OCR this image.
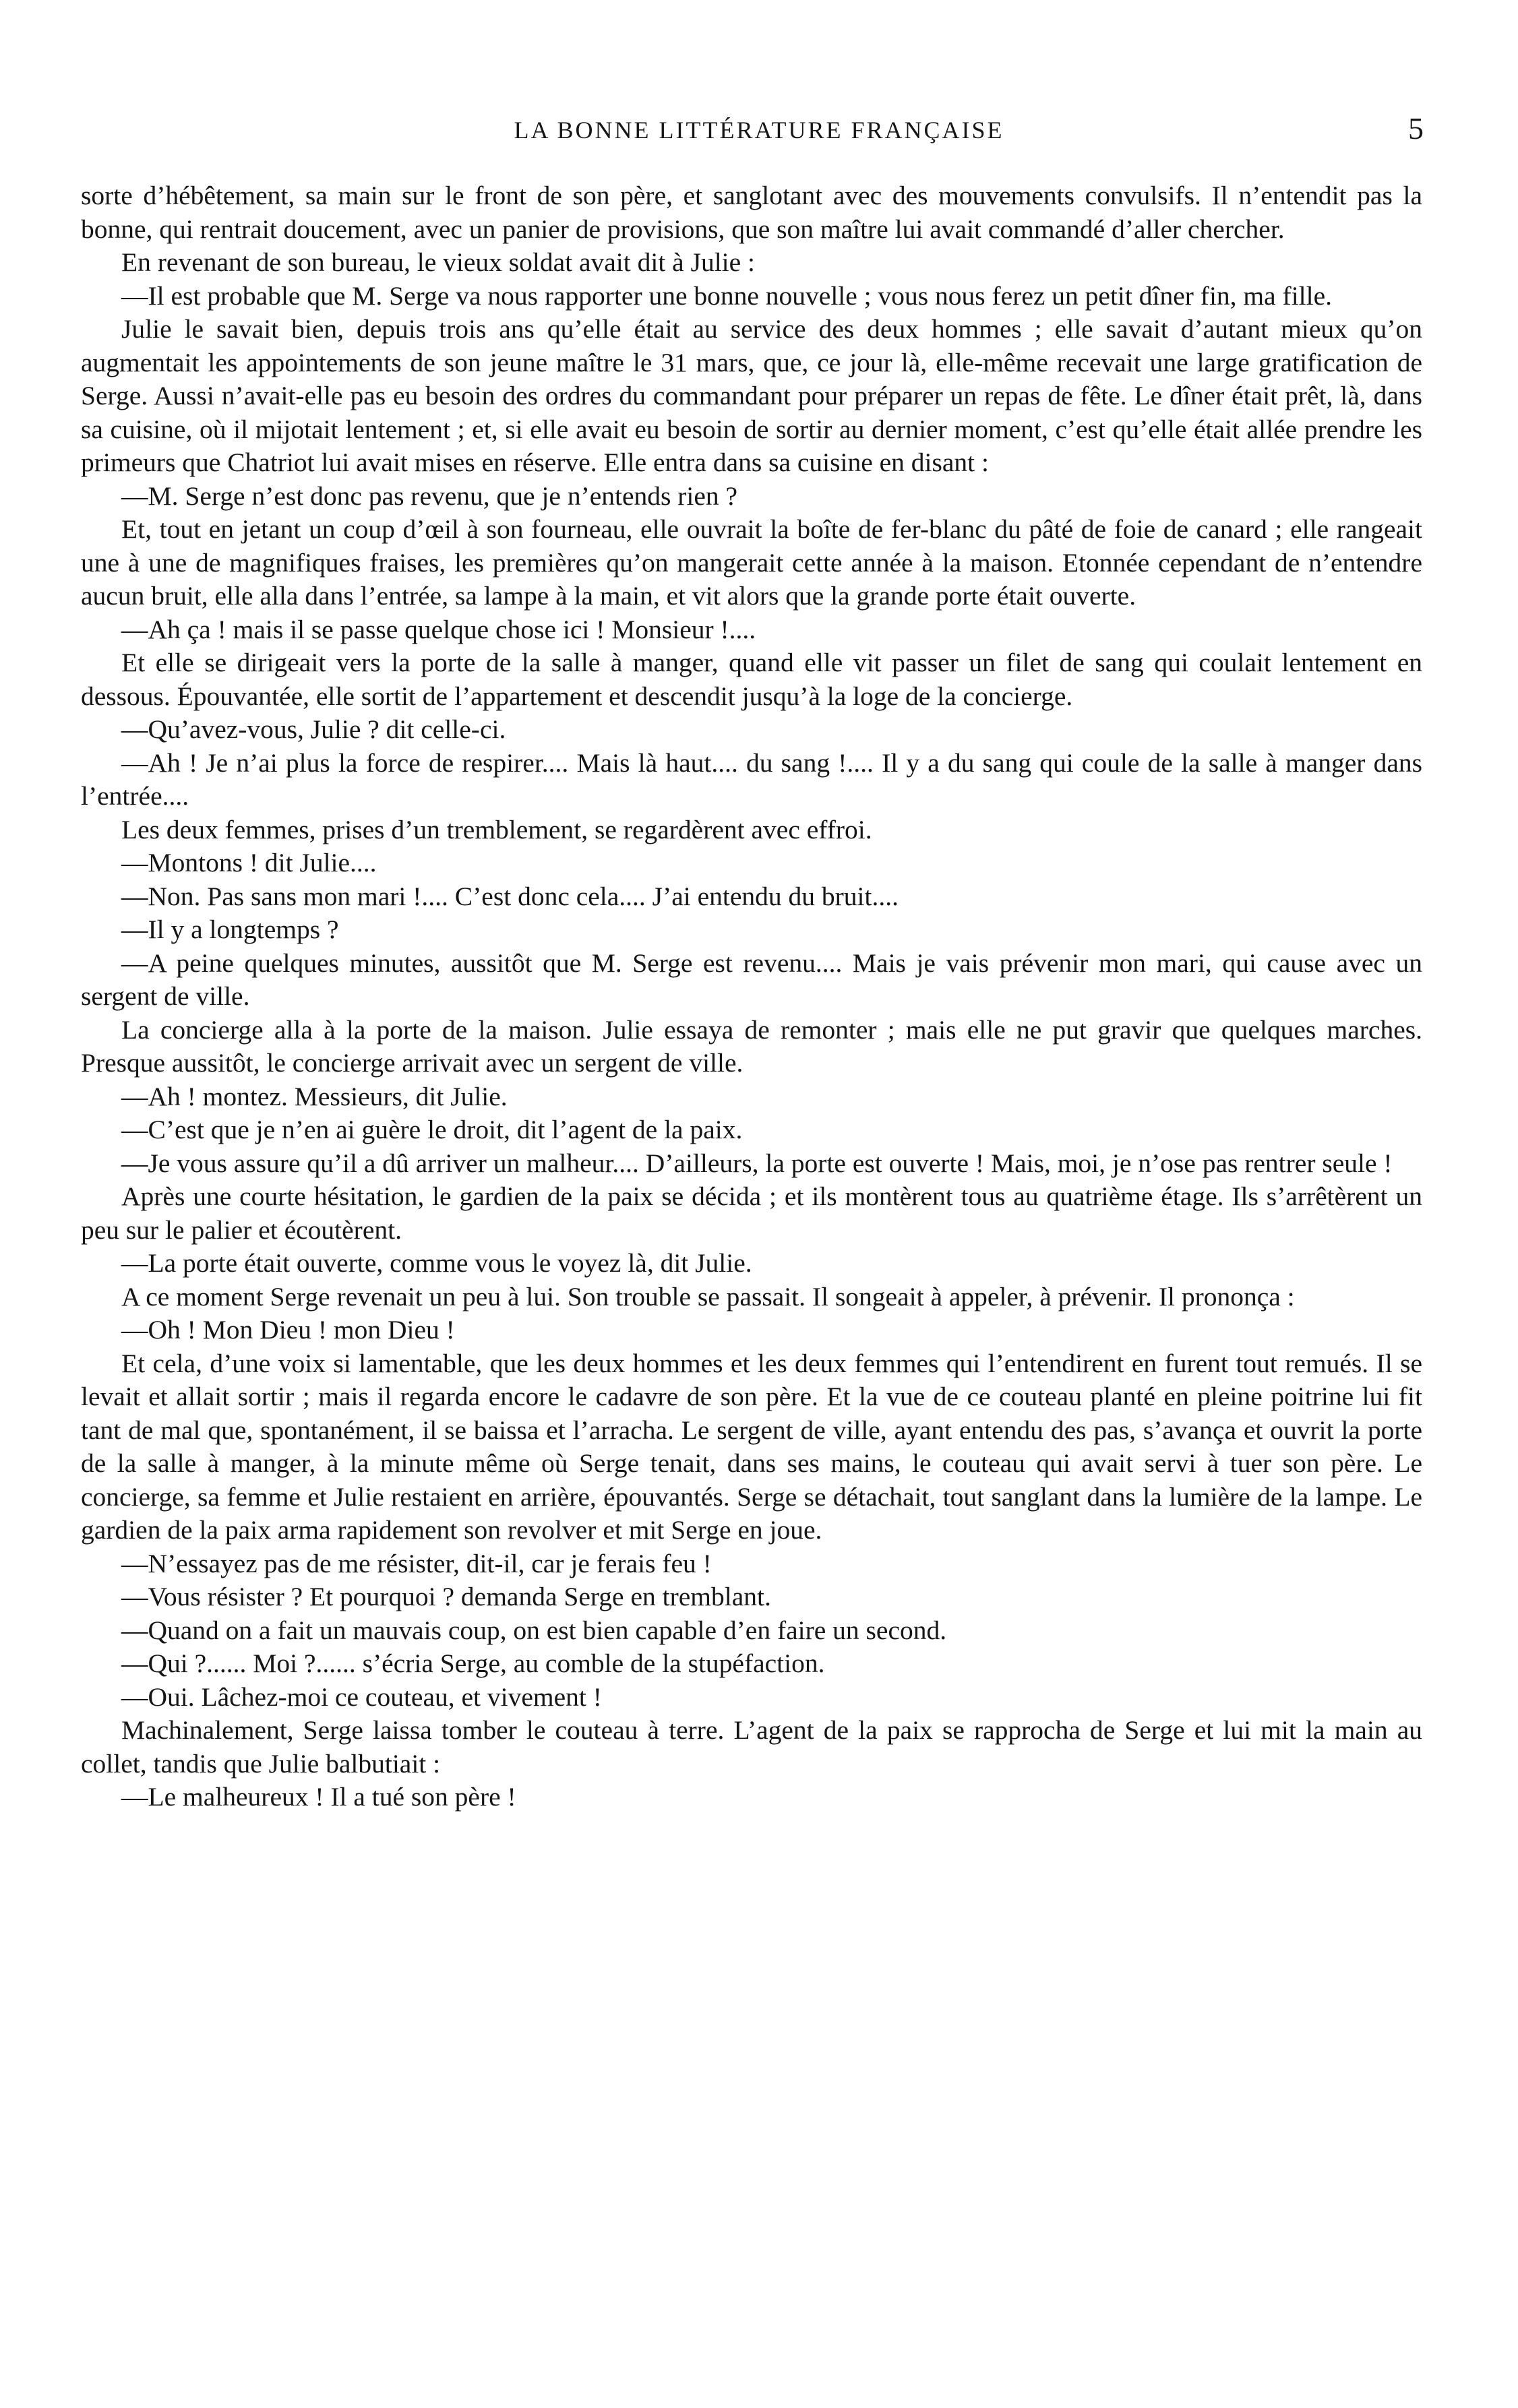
LA BONNE LITTÉRATURE FRANÇAISE	5

sorte d’hébêtement, sa main sur le front de son père, et sanglotant avec des mouvements convulsifs. Il n’entendit pas la bonne, qui rentrait doucement, avec un panier de provisions, que son maître lui avait commandé d’aller chercher.

En revenant de son bureau, le vieux soldat avait dit à Julie :

—Il est probable que M. Serge va nous rapporter une bonne nouvelle ; vous nous ferez un petit dîner fin, ma fille.

Julie le savait bien, depuis trois ans qu’elle était au service des deux hommes ; elle savait d’autant mieux qu’on augmentait les appointements de son jeune maître le 31 mars, que, ce jour là, elle-même recevait une large gratification de Serge. Aussi n’avait-elle pas eu besoin des ordres du commandant pour préparer un repas de fête. Le dîner était prêt, là, dans sa cuisine, où il mijotait lentement ; et, si elle avait eu besoin de sortir au dernier moment, c’est qu’elle était allée prendre les primeurs que Chatriot lui avait mises en réserve. Elle entra dans sa cuisine en disant :

—M. Serge n’est donc pas revenu, que je n’entends rien ?

Et, tout en jetant un coup d’œil à son fourneau, elle ouvrait la boîte de fer-blanc du pâté de foie de canard ; elle rangeait une à une de magnifiques fraises, les premières qu’on mangerait cette année à la maison. Etonnée cependant de n’entendre aucun bruit, elle alla dans l’entrée, sa lampe à la main, et vit alors que la grande porte était ouverte.

—Ah ça ! mais il se passe quelque chose ici ! Monsieur !....

Et elle se dirigeait vers la porte de la salle à manger, quand elle vit passer un filet de sang qui coulait lentement en dessous. Épouvantée, elle sortit de l’appartement et descendit jusqu’à la loge de la concierge.

—Qu’avez-vous, Julie ? dit celle-ci.

—Ah ! Je n’ai plus la force de respirer.... Mais là haut.... du sang !.... Il y a du sang qui coule de la salle à manger dans l’entrée....

Les deux femmes, prises d’un tremblement, se regardèrent avec effroi.

—Montons ! dit Julie....

—Non. Pas sans mon mari !.... C’est donc cela.... J’ai entendu du bruit....

—Il y a longtemps ?

—A peine quelques minutes, aussitôt que M. Serge est revenu.... Mais je vais prévenir mon mari, qui cause avec un sergent de ville.

La concierge alla à la porte de la maison. Julie essaya de remonter ; mais elle ne put gravir que quelques marches. Presque aussitôt, le concierge arrivait avec un sergent de ville.

—Ah ! montez. Messieurs, dit Julie.

—C’est que je n’en ai guère le droit, dit l’agent de la paix.

—Je vous assure qu’il a dû arriver un malheur.... D’ailleurs, la porte est ouverte ! Mais, moi, je n’ose pas rentrer seule !

Après une courte hésitation, le gardien de la paix se décida ; et ils montèrent tous au quatrième étage. Ils s’arrêtèrent un peu sur le palier et écoutèrent.

—La porte était ouverte, comme vous le voyez là, dit Julie.

A ce moment Serge revenait un peu à lui. Son trouble se passait. Il songeait à appeler, à prévenir. Il prononça :

—Oh ! Mon Dieu ! mon Dieu !

Et cela, d’une voix si lamentable, que les deux hommes et les deux femmes qui l’entendirent en furent tout remués. Il se levait et allait sortir ; mais il regarda encore le cadavre de son père. Et la vue de ce couteau planté en pleine poitrine lui fit tant de mal que, spontanément, il se baissa et l’arracha. Le sergent de ville, ayant entendu des pas, s’avança et ouvrit la porte de la salle à manger, à la minute même où Serge tenait, dans ses mains, le couteau qui avait servi à tuer son père. Le concierge, sa femme et Julie restaient en arrière, épouvantés. Serge se détachait, tout sanglant dans la lumière de la lampe. Le gardien de la paix arma rapidement son revolver et mit Serge en joue.

—N’essayez pas de me résister, dit-il, car je ferais feu !

—Vous résister ? Et pourquoi ? demanda Serge en tremblant.

—Quand on a fait un mauvais coup, on est bien capable d’en faire un second.

—Qui ?...... Moi ?...... s’écria Serge, au comble de la stupéfaction.

—Oui. Lâchez-moi ce couteau, et vivement !

Machinalement, Serge laissa tomber le couteau à terre. L’agent de la paix se rapprocha de Serge et lui mit la main au collet, tandis que Julie balbutiait :

—Le malheureux ! Il a tué son père !
